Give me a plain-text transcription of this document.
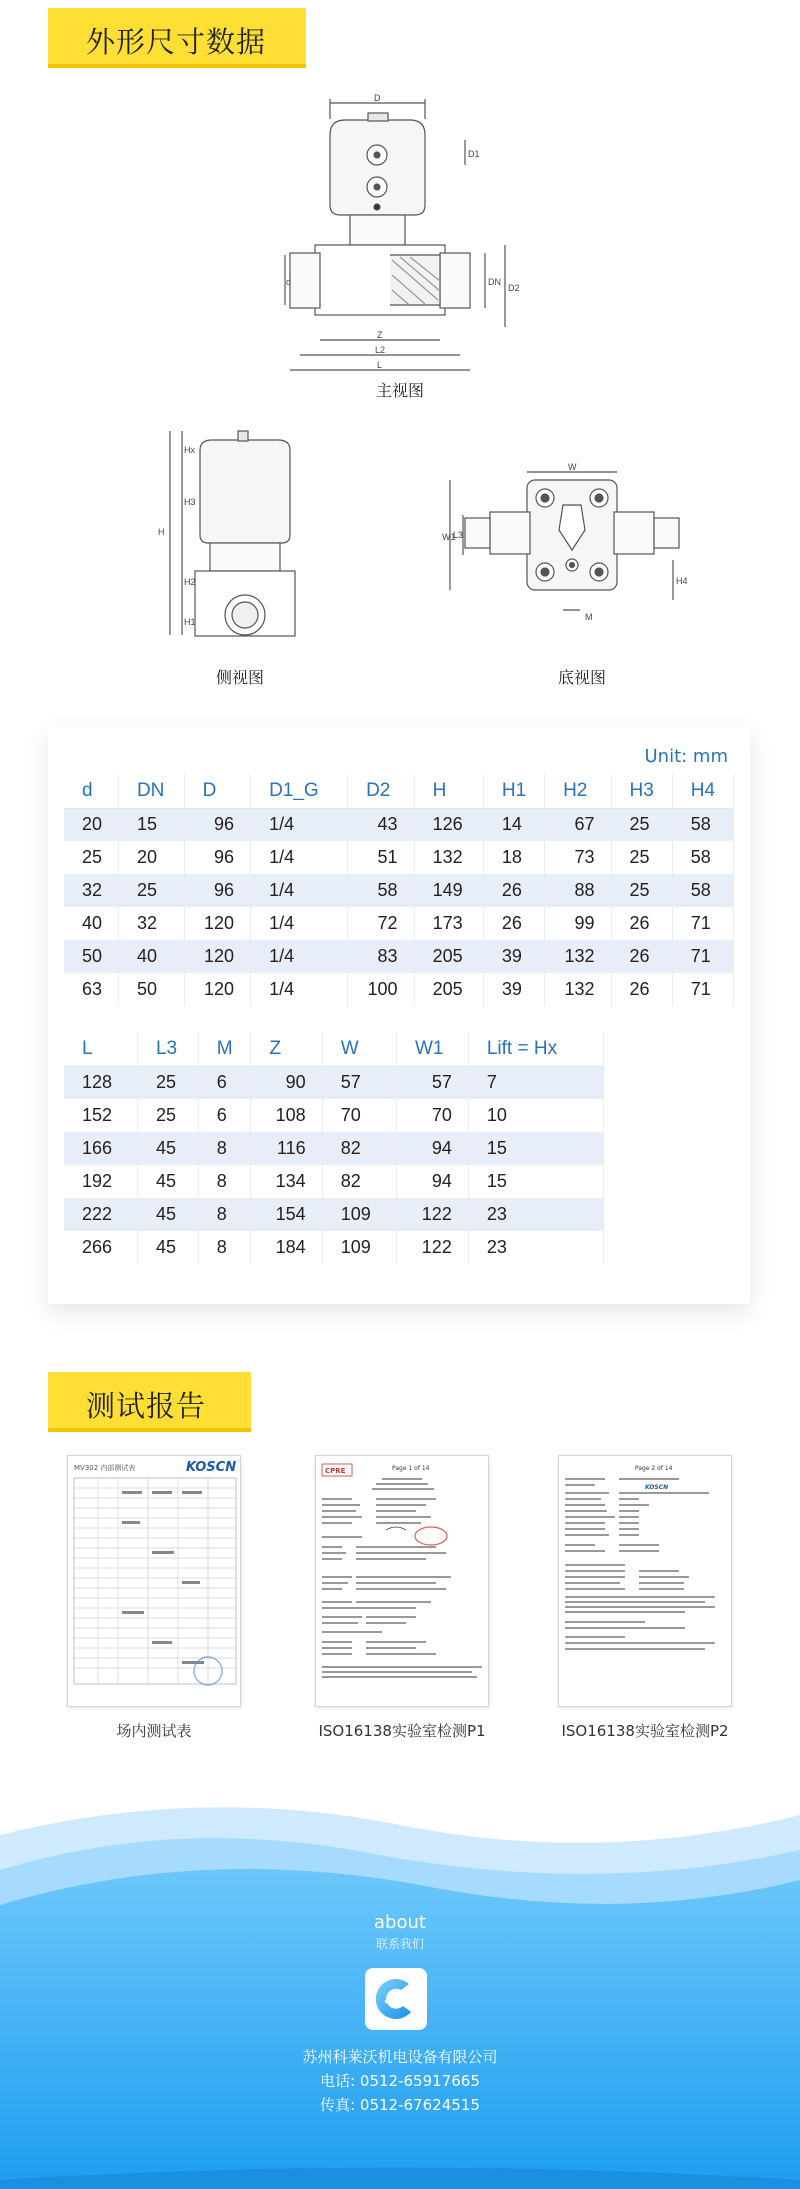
外形尺寸数据
D
D1
DN
D2
d
Z
L2
L
主视图
Hx
H3
H
H2
H1
侧视图
W
W1
L3
H4
M
底视图
Unit: mm
d	DN	D	D1_G	D2	H	H1	H2	H3	H4
20	15	96	1/4	43	126	14	67	25	58
25	20	96	1/4	51	132	18	73	25	58
32	25	96	1/4	58	149	26	88	25	58
40	32	120	1/4	72	173	26	99	26	71
50	40	120	1/4	83	205	39	132	26	71
63	50	120	1/4	100	205	39	132	26	71
L	L3	M	Z	W	W1	Lift = Hx
128	25	6	90	57	57	7
152	25	6	108	70	70	10
166	45	8	116	82	94	15
192	45	8	134	82	94	15
222	45	8	154	109	122	23
266	45	8	184	109	122	23
测试报告
MV302 内部测试表	KOSCN
场内测试表
CPRE	Page 1 of 14
ISO16138实验室检测P1
Page 2 of 14
KOSCN
ISO16138实验室检测P2
about
联系我们
苏州科莱沃机电设备有限公司
电话: 0512-65917665
传真: 0512-67624515
